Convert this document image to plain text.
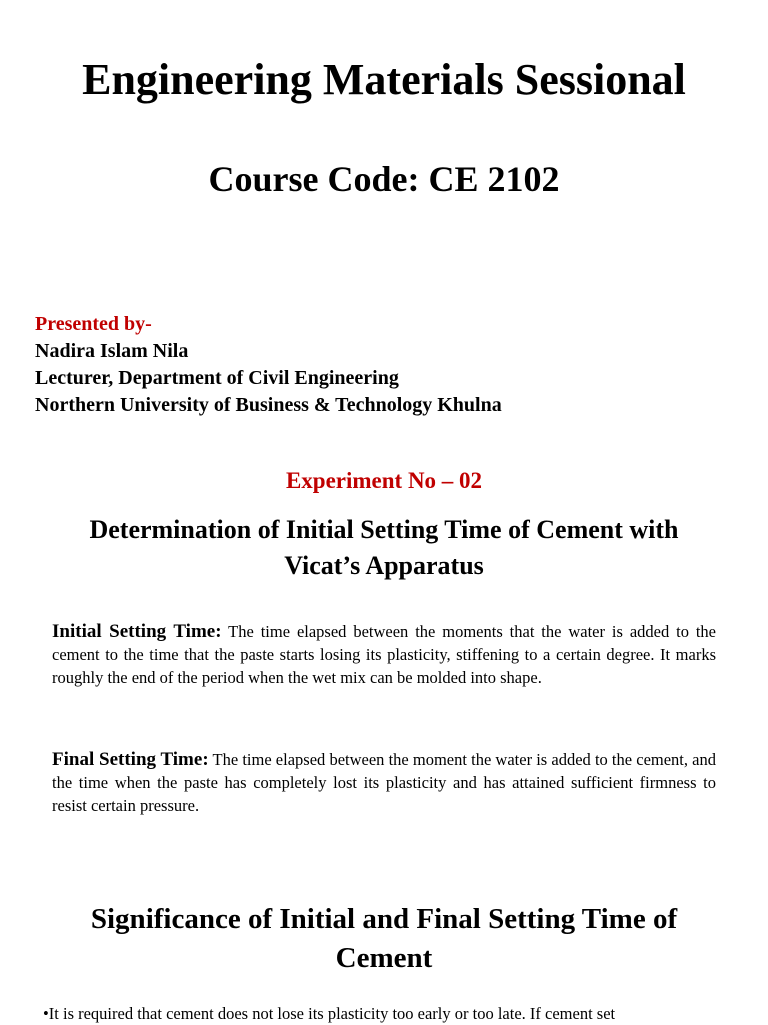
Engineering Materials Sessional
Course Code: CE 2102
Presented by-
Nadira Islam Nila
Lecturer, Department of Civil Engineering
Northern University of Business & Technology Khulna
Experiment No – 02
Determination of Initial Setting Time of Cement with
Vicat’s Apparatus
Initial Setting Time: The time elapsed between the moments that the water is added to the cement to the time that the paste starts losing its plasticity, stiffening to a certain degree. It marks roughly the end of the period when the wet mix can be molded into shape.
Final Setting Time: The time elapsed between the moment the water is added to the cement, and the time when the paste has completely lost its plasticity and has attained sufficient firmness to resist certain pressure.
Significance of Initial and Final Setting Time of
Cement
•It is required that cement does not lose its plasticity too early or too late. If cement set
